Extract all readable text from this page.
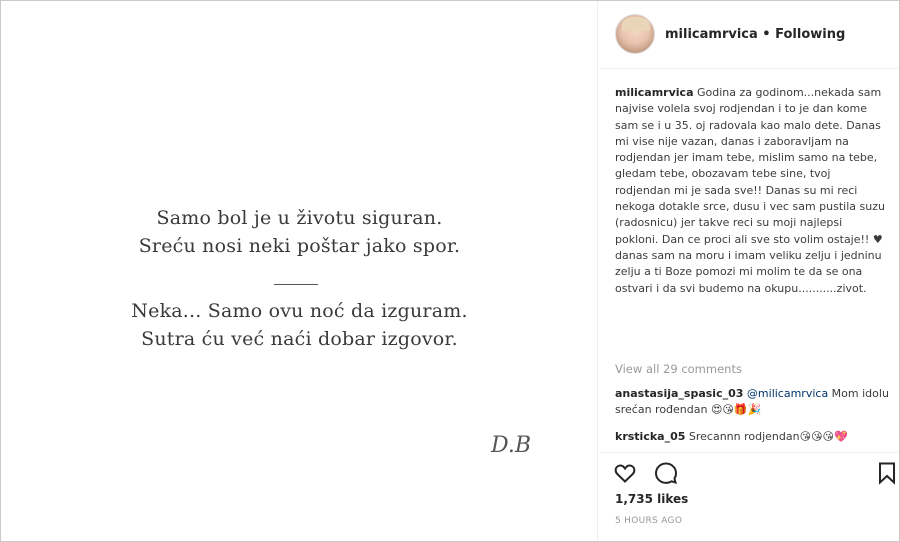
Samo bol je u životu siguran.
Sreću nosi neki poštar jako spor.
Neka... Samo ovu noć da izguram.
Sutra ću već naći dobar izgovor.
D.B
milicamrvica • Following
milicamrvica Godina za godinom...nekada sam najvise volela svoj rodjendan i to je dan kome sam se i u 35. oj radovala kao malo dete. Danas mi vise nije vazan, danas i zaboravljam na rodjendan jer imam tebe, mislim samo na tebe, gledam tebe, obozavam tebe sine, tvoj rodjendan mi je sada sve!! Danas su mi reci nekoga dotakle srce, dusu i vec sam pustila suzu (radosnicu) jer takve reci su moji najlepsi pokloni. Dan ce proci ali sve sto volim ostaje!! ♥ danas sam na moru i imam veliku zelju i jedninu zelju a ti Boze pomozi mi molim te da se ona ostvari i da svi budemo na okupu...........zivot.
View all 29 comments
anastasija_spasic_03 @milicamrvica Mom idolu srećan rođendan 😍😘🎁🎉
krsticka_05 Srecannn rodjendan😘😘😘💖
1,735 likes
5 HOURS AGO
